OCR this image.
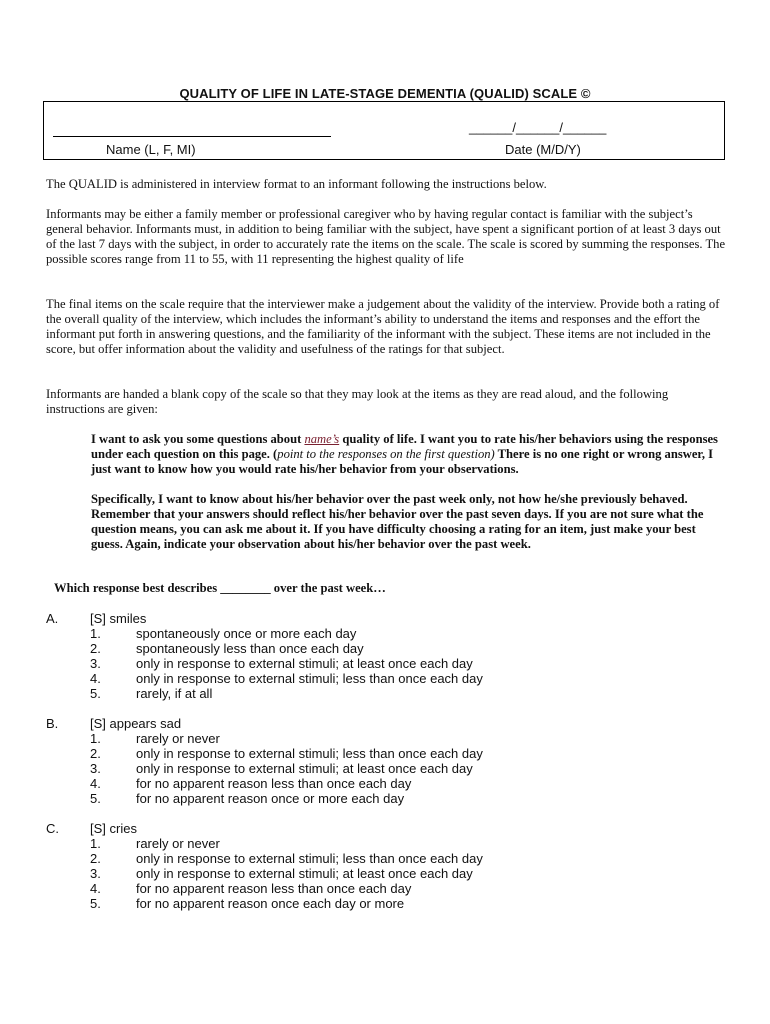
QUALITY OF LIFE IN LATE-STAGE DEMENTIA (QUALID) SCALE ©
______/______/______
Name (L, F, MI)	Date (M/D/Y)

The QUALID is administered in interview format to an informant following the instructions below.

Informants may be either a family member or professional caregiver who by having regular contact is familiar with the subject’s general behavior. Informants must, in addition to being familiar with the subject, have spent a significant portion of at least 3 days out of the last 7 days with the subject, in order to accurately rate the items on the scale. The scale is scored by summing the responses. The possible scores range from 11 to 55, with 11 representing the highest quality of life

The final items on the scale require that the interviewer make a judgement about the validity of the interview. Provide both a rating of the overall quality of the interview, which includes the informant’s ability to understand the items and responses and the effort the informant put forth in answering questions, and the familiarity of the informant with the subject. These items are not included in the score, but offer information about the validity and usefulness of the ratings for that subject.

Informants are handed a blank copy of the scale so that they may look at the items as they are read aloud, and the following instructions are given:

I want to ask you some questions about name’s quality of life. I want you to rate his/her behaviors using the responses under each question on this page. (point to the responses on the first question) There is no one right or wrong answer, I just want to know how you would rate his/her behavior from your observations.

Specifically, I want to know about his/her behavior over the past week only, not how he/she previously behaved. Remember that your answers should reflect his/her behavior over the past seven days. If you are not sure what the question means, you can ask me about it. If you have difficulty choosing a rating for an item, just make your best guess. Again, indicate your observation about his/her behavior over the past week.

Which response best describes ________ over the past week…
A. [S] smiles
1.	spontaneously once or more each day
2.	spontaneously less than once each day
3.	only in response to external stimuli; at least once each day
4.	only in response to external stimuli; less than once each day
5.	rarely, if at all
B. [S] appears sad
1.	rarely or never
2.	only in response to external stimuli; less than once each day
3.	only in response to external stimuli; at least once each day
4.	for no apparent reason less than once each day
5.	for no apparent reason once or more each day
C. [S] cries
1.	rarely or never
2.	only in response to external stimuli; less than once each day
3.	only in response to external stimuli; at least once each day
4.	for no apparent reason less than once each day
5.	for no apparent reason once each day or more
